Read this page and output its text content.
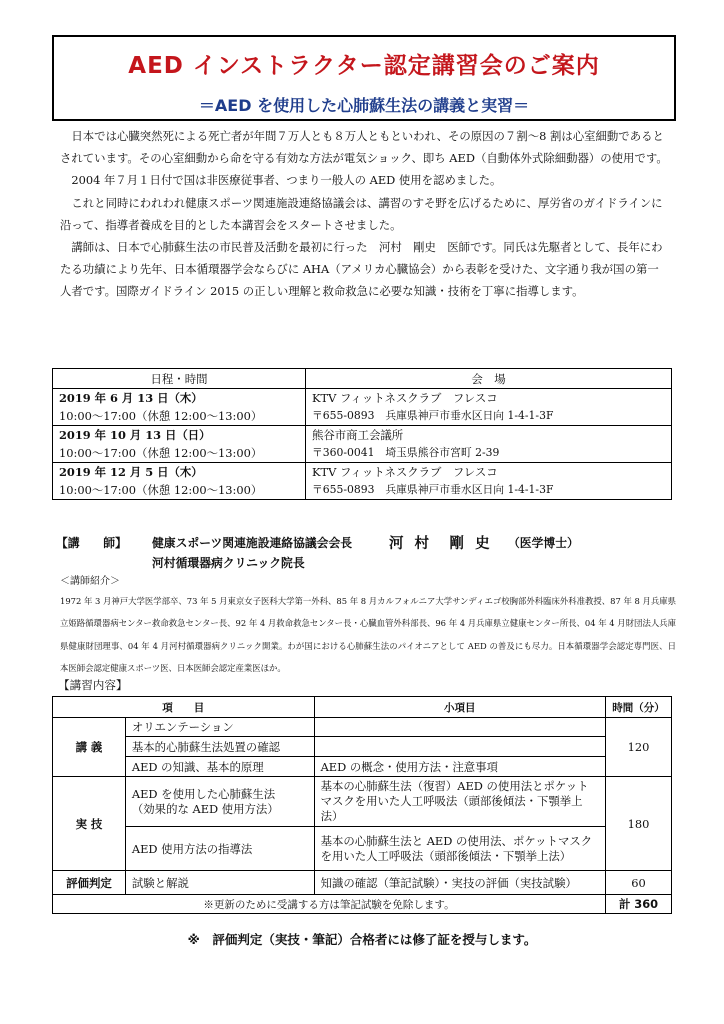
AED インストラクター認定講習会のご案内
＝AED を使用した心肺蘇生法の講義と実習＝

日本では心臓突然死による死亡者が年間７万人とも８万人ともといわれ、その原因の７割〜8 割は心室細動であるとされています。その心室細動から命を守る有効な方法が電気ショック、即ち AED（自動体外式除細動器）の使用です。

2004 年７月１日付で国は非医療従事者、つまり一般人の AED 使用を認めました。

これと同時にわれわれ健康スポーツ関連施設連絡協議会は、講習のすそ野を広げるために、厚労省のガイドラインに沿って、指導者養成を目的とした本講習会をスタートさせました。

講師は、日本で心肺蘇生法の市民普及活動を最初に行った　河村　剛史　医師です。同氏は先駆者として、長年にわたる功績により先年、日本循環器学会ならびに AHA（アメリカ心臓協会）から表彰を受けた、文字通り我が国の第一人者です。国際ガイドライン 2015 の正しい理解と救命救急に必要な知識・技術を丁寧に指導します。

日程・時間	会　場
2019 年 6 月 13 日（木）	KTV フィットネスクラブ　フレスコ
10:00〜17:00（休憩 12:00〜13:00）	〒655-0893　兵庫県神戸市垂水区日向 1-4-1-3F
2019 年 10 月 13 日（日）	熊谷市商工会議所
10:00〜17:00（休憩 12:00〜13:00）	〒360-0041　埼玉県熊谷市宮町 2-39
2019 年 12 月 5 日（木）	KTV フィットネスクラブ　フレスコ
10:00〜17:00（休憩 12:00〜13:00）	〒655-0893　兵庫県神戸市垂水区日向 1-4-1-3F
【講　　師】 健康スポーツ関連施設連絡協議会会長	河 村　剛 史 （医学博士）
河村循環器病クリニック院長
＜講師紹介＞
1972 年 3 月神戸大学医学部卒、73 年 5 月東京女子医科大学第一外科、85 年 8 月カルフォルニア大学サンディエゴ校胸部外科臨床外科准教授、87 年 8 月兵庫県立姫路循環器病センター救命救急センター長、92 年 4 月救命救急センター長・心臓血管外科部長、96 年 4 月兵庫県立健康センター所長、04 年 4 月財団法人兵庫県健康財団理事、04 年 4 月河村循環器病クリニック開業。わが国における心肺蘇生法のパイオニアとして AED の普及にも尽力。日本循環器学会認定専門医、日本医師会認定健康スポーツ医、日本医師会認定産業医ほか。
【講習内容】
項　　目		小項目	時間（分）
講 義	オリエンテーション		120
	基本的心肺蘇生法処置の確認		
	AED の知識、基本的原理	AED の概念・使用方法・注意事項	
実 技	AED を使用した心肺蘇生法
（効果的な AED 使用方法）	基本の心肺蘇生法（復習）AED の使用法とポケットマスクを用いた人工呼吸法（頭部後傾法・下顎挙上法）	180
	AED 使用方法の指導法	基本の心肺蘇生法と AED の使用法、ポケットマスクを用いた人工呼吸法（頭部後傾法・下顎挙上法）	
評価判定	試験と解説	知識の確認（筆記試験）・実技の評価（実技試験）	60
※更新のために受講する方は筆記試験を免除します。			計 360
※　評価判定（実技・筆記）合格者には修了証を授与します。
